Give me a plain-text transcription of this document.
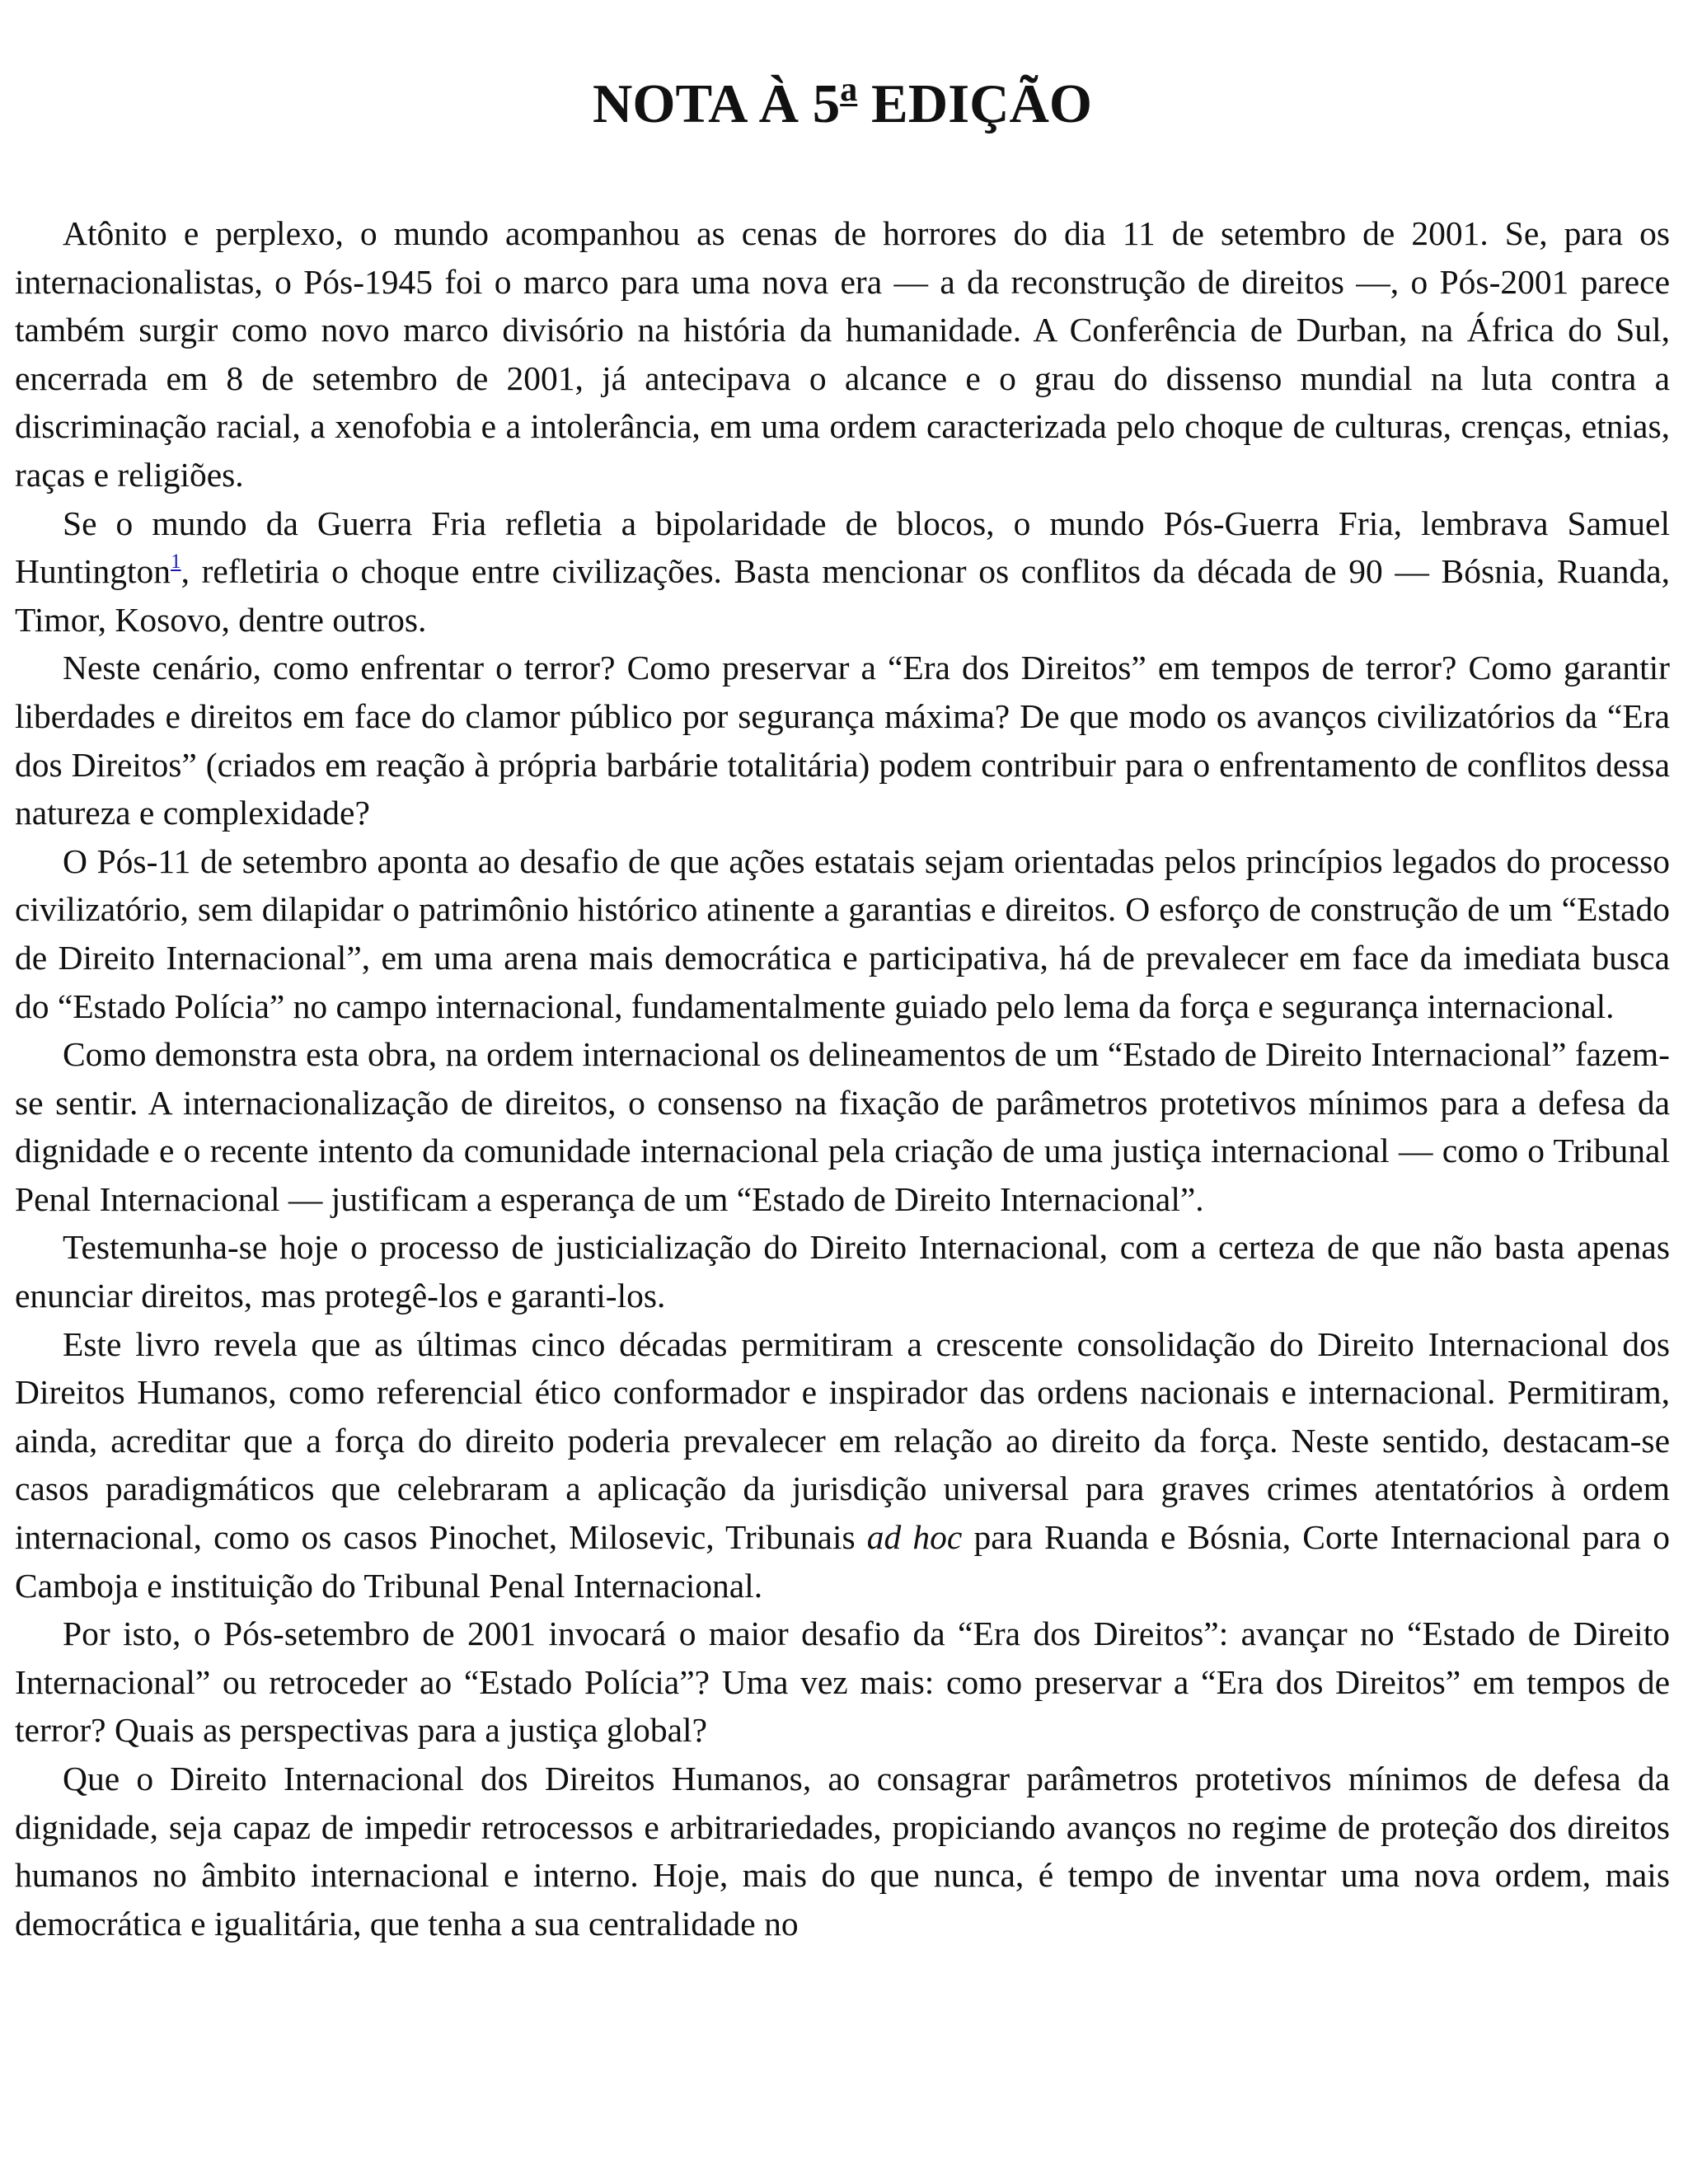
NOTA À 5$^a$ EDIÇÃO

Atônito e perplexo, o mundo acompanhou as cenas de horrores do dia 11 de setembro de 2001. Se, para os internacionalistas, o Pós-1945 foi o marco para uma nova era — a da reconstrução de direitos —, o Pós-2001 parece também surgir como novo marco divisório na história da humanidade. A Conferência de Durban, na África do Sul, encerrada em 8 de setembro de 2001, já antecipava o alcance e o grau do dissenso mundial na luta contra a discriminação racial, a xenofobia e a intolerância, em uma ordem caracterizada pelo choque de culturas, crenças, etnias, raças e religiões.

Se o mundo da Guerra Fria refletia a bipolaridade de blocos, o mundo Pós-Guerra Fria, lembrava Samuel Huntington$^1$, refletiria o choque entre civilizações. Basta mencionar os conflitos da década de 90 — Bósnia, Ruanda, Timor, Kosovo, dentre outros.

Neste cenário, como enfrentar o terror? Como preservar a “Era dos Direitos” em tempos de terror? Como garantir liberdades e direitos em face do clamor público por segurança máxima? De que modo os avanços civilizatórios da “Era dos Direitos” (criados em reação à própria barbárie totalitária) podem contribuir para o enfrentamento de conflitos dessa natureza e complexidade?

O Pós-11 de setembro aponta ao desafio de que ações estatais sejam orientadas pelos princípios legados do processo civilizatório, sem dilapidar o patrimônio histórico atinente a garantias e direitos. O esforço de construção de um “Estado de Direito Internacional”, em uma arena mais democrática e participativa, há de prevalecer em face da imediata busca do “Estado Polícia” no campo internacional, fundamentalmente guiado pelo lema da força e segurança internacional.

Como demonstra esta obra, na ordem internacional os delineamentos de um “Estado de Direito Internacional” fazem-se sentir. A internacionalização de direitos, o consenso na fixação de parâmetros protetivos mínimos para a defesa da dignidade e o recente intento da comunidade internacional pela criação de uma justiça internacional — como o Tribunal Penal Internacional — justificam a esperança de um “Estado de Direito Internacional”.

Testemunha-se hoje o processo de justicialização do Direito Internacional, com a certeza de que não basta apenas enunciar direitos, mas protegê-los e garanti-los.

Este livro revela que as últimas cinco décadas permitiram a crescente consolidação do Direito Internacional dos Direitos Humanos, como referencial ético conformador e inspirador das ordens nacionais e internacional. Permitiram, ainda, acreditar que a força do direito poderia prevalecer em relação ao direito da força. Neste sentido, destacam-se casos paradigmáticos que celebraram a aplicação da jurisdição universal para graves crimes atentatórios à ordem internacional, como os casos Pinochet, Milosevic, Tribunais ad hoc para Ruanda e Bósnia, Corte Internacional para o Camboja e instituição do Tribunal Penal Internacional.

Por isto, o Pós-setembro de 2001 invocará o maior desafio da “Era dos Direitos”: avançar no “Estado de Direito Internacional” ou retroceder ao “Estado Polícia”? Uma vez mais: como preservar a “Era dos Direitos” em tempos de terror? Quais as perspectivas para a justiça global?

Que o Direito Internacional dos Direitos Humanos, ao consagrar parâmetros protetivos mínimos de defesa da dignidade, seja capaz de impedir retrocessos e arbitrariedades, propiciando avanços no regime de proteção dos direitos humanos no âmbito internacional e interno. Hoje, mais do que nunca, é tempo de inventar uma nova ordem, mais democrática e igualitária, que tenha a sua centralidade no
